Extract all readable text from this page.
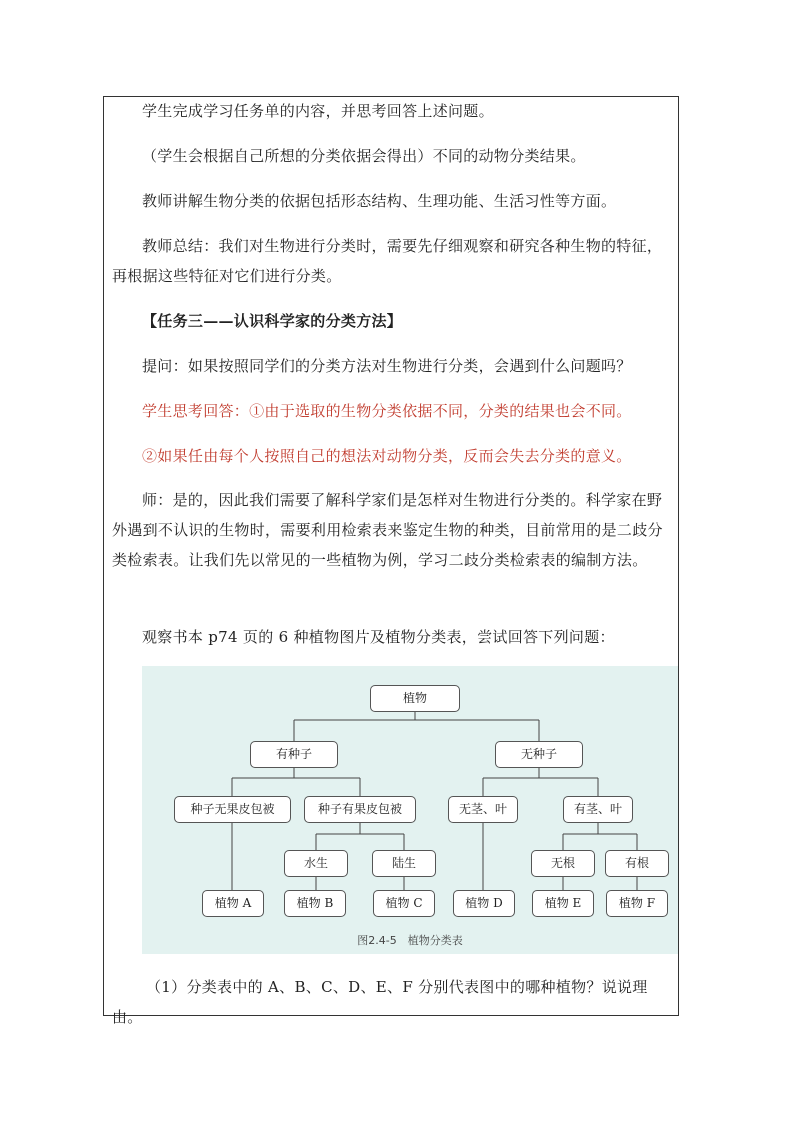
学生完成学习任务单的内容，并思考回答上述问题。
（学生会根据自己所想的分类依据会得出）不同的动物分类结果。
教师讲解生物分类的依据包括形态结构、生理功能、生活习性等方面。
教师总结：我们对生物进行分类时，需要先仔细观察和研究各种生物的特征，再根据这些特征对它们进行分类。
【任务三——认识科学家的分类方法】
提问：如果按照同学们的分类方法对生物进行分类，会遇到什么问题吗？
学生思考回答：①由于选取的生物分类依据不同，分类的结果也会不同。
②如果任由每个人按照自己的想法对动物分类，反而会失去分类的意义。
师：是的，因此我们需要了解科学家们是怎样对生物进行分类的。科学家在野外遇到不认识的生物时，需要利用检索表来鉴定生物的种类，目前常用的是二歧分类检索表。让我们先以常见的一些植物为例，学习二歧分类检索表的编制方法。
观察书本 p74 页的 6 种植物图片及植物分类表，尝试回答下列问题：
植物
有种子	无种子
种子无果皮包被	种子有果皮包被	无茎、叶	有茎、叶
水生	陆生	无根	有根
植物 A	植物 B	植物 C	植物 D	植物 E	植物 F
图2.4-5　植物分类表
（1）分类表中的 A、B、C、D、E、F 分别代表图中的哪种植物？说说理由。
